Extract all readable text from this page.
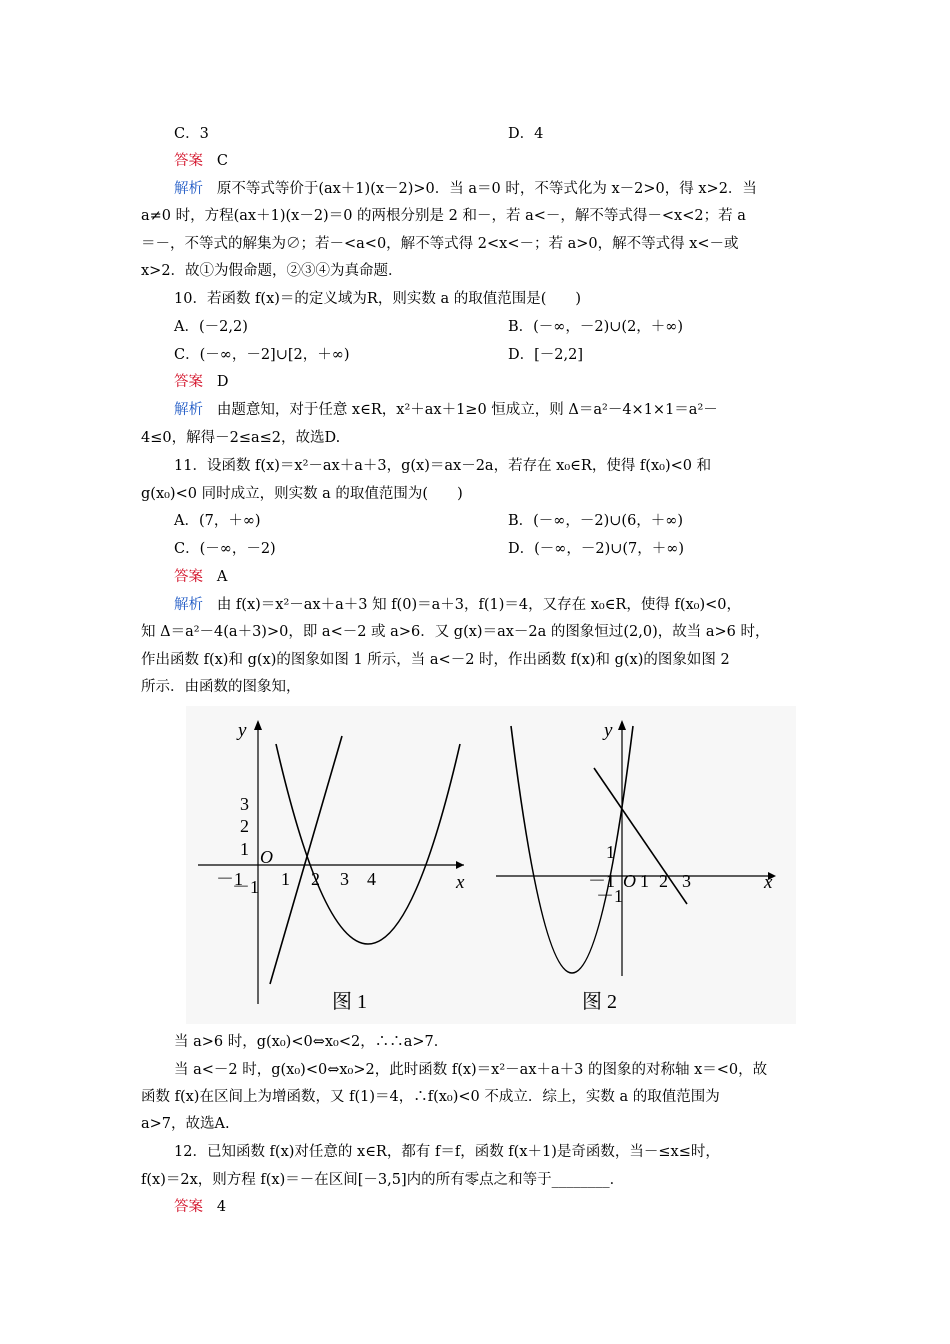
C．3	D．4
答案 C
解析 原不等式等价于(ax＋1)(x－2)>0．当 a＝0 时，不等式化为 x－2>0，得 x>2．当
a≠0 时，方程(ax＋1)(x－2)＝0 的两根分别是 2 和－，若 a<－，解不等式得－<x<2；若 a
＝－，不等式的解集为∅；若－<a<0，解不等式得 2<x<－；若 a>0，解不等式得 x<－或
x>2．故①为假命题，②③④为真命题．
10．若函数 f(x)＝的定义域为R，则实数 a 的取值范围是(　　)
A．(－2,2)	B．(－∞，－2)∪(2，＋∞)
C．(－∞，－2]∪[2，＋∞)	D．[－2,2]
答案 D
解析 由题意知，对于任意 x∈R，x²＋ax＋1≥0 恒成立，则 Δ＝a²－4×1×1＝a²－
4≤0，解得－2≤a≤2，故选D.
11．设函数 f(x)＝x²－ax＋a＋3，g(x)＝ax－2a，若存在 x₀∈R，使得 f(x₀)<0 和
g(x₀)<0 同时成立，则实数 a 的取值范围为(　　)
A．(7，＋∞)	B．(－∞，－2)∪(6，＋∞)
C．(－∞，－2)	D．(－∞，－2)∪(7，＋∞)
答案 A
解析 由 f(x)＝x²－ax＋a＋3 知 f(0)＝a＋3，f(1)＝4，又存在 x₀∈R，使得 f(x₀)<0，
知 Δ＝a²－4(a＋3)>0，即 a<－2 或 a>6．又 g(x)＝ax－2a 的图象恒过(2,0)，故当 a>6 时，
作出函数 f(x)和 g(x)的图象如图 1 所示，当 a<－2 时，作出函数 f(x)和 g(x)的图象如图 2
所示．由函数的图象知，
y
x
O
－1 1 2 3 4
3
2
1
－1
图 1
y
x
O
－1 1 2 3
1
－1
图 2
当 a>6 时，g(x₀)<0⇔x₀<2，∴∴a>7．
当 a<－2 时，g(x₀)<0⇔x₀>2，此时函数 f(x)＝x²－ax＋a＋3 的图象的对称轴 x＝<0，故
函数 f(x)在区间上为增函数，又 f(1)＝4，∴f(x₀)<0 不成立．综上，实数 a 的取值范围为
a>7，故选A.
12．已知函数 f(x)对任意的 x∈R，都有 f＝f，函数 f(x＋1)是奇函数，当－≤x≤时，
f(x)＝2x，则方程 f(x)＝－在区间[－3,5]内的所有零点之和等于________．
答案 4
